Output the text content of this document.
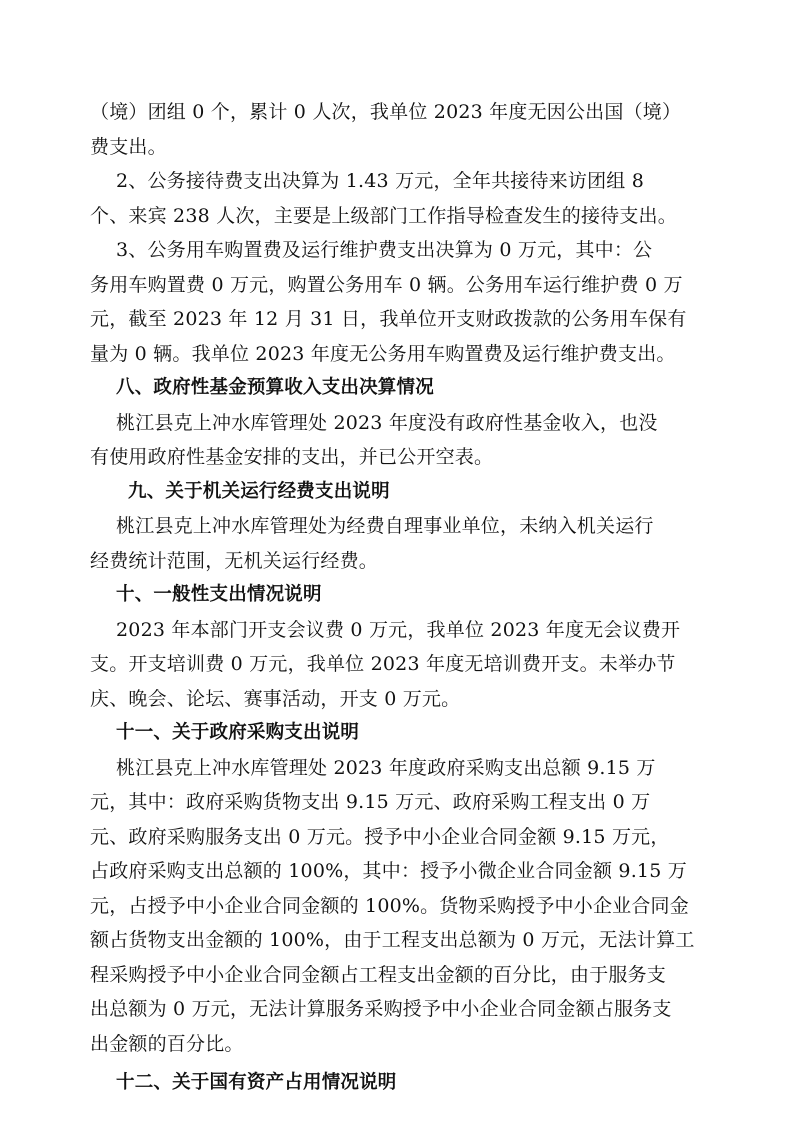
（境）团组 0 个，累计 0 人次，我单位 2023 年度无因公出国（境）
费支出。
2、公务接待费支出决算为 1.43 万元，全年共接待来访团组 8
个、来宾 238 人次，主要是上级部门工作指导检查发生的接待支出。
3、公务用车购置费及运行维护费支出决算为 0 万元，其中：公
务用车购置费 0 万元，购置公务用车 0 辆。公务用车运行维护费 0 万
元，截至 2023 年 12 月 31 日，我单位开支财政拨款的公务用车保有
量为 0 辆。我单位 2023 年度无公务用车购置费及运行维护费支出。
八、政府性基金预算收入支出决算情况
桃江县克上冲水库管理处 2023 年度没有政府性基金收入，也没
有使用政府性基金安排的支出，并已公开空表。
九、关于机关运行经费支出说明
桃江县克上冲水库管理处为经费自理事业单位，未纳入机关运行
经费统计范围，无机关运行经费。
十、一般性支出情况说明
2023 年本部门开支会议费 0 万元，我单位 2023 年度无会议费开
支。开支培训费 0 万元，我单位 2023 年度无培训费开支。未举办节
庆、晚会、论坛、赛事活动，开支 0 万元。
十一、关于政府采购支出说明
桃江县克上冲水库管理处 2023 年度政府采购支出总额 9.15 万
元，其中：政府采购货物支出 9.15 万元、政府采购工程支出 0 万
元、政府采购服务支出 0 万元。授予中小企业合同金额 9.15 万元，
占政府采购支出总额的 100%，其中：授予小微企业合同金额 9.15 万
元，占授予中小企业合同金额的 100%。货物采购授予中小企业合同金
额占货物支出金额的 100%，由于工程支出总额为 0 万元，无法计算工
程采购授予中小企业合同金额占工程支出金额的百分比，由于服务支
出总额为 0 万元，无法计算服务采购授予中小企业合同金额占服务支
出金额的百分比。
十二、关于国有资产占用情况说明
